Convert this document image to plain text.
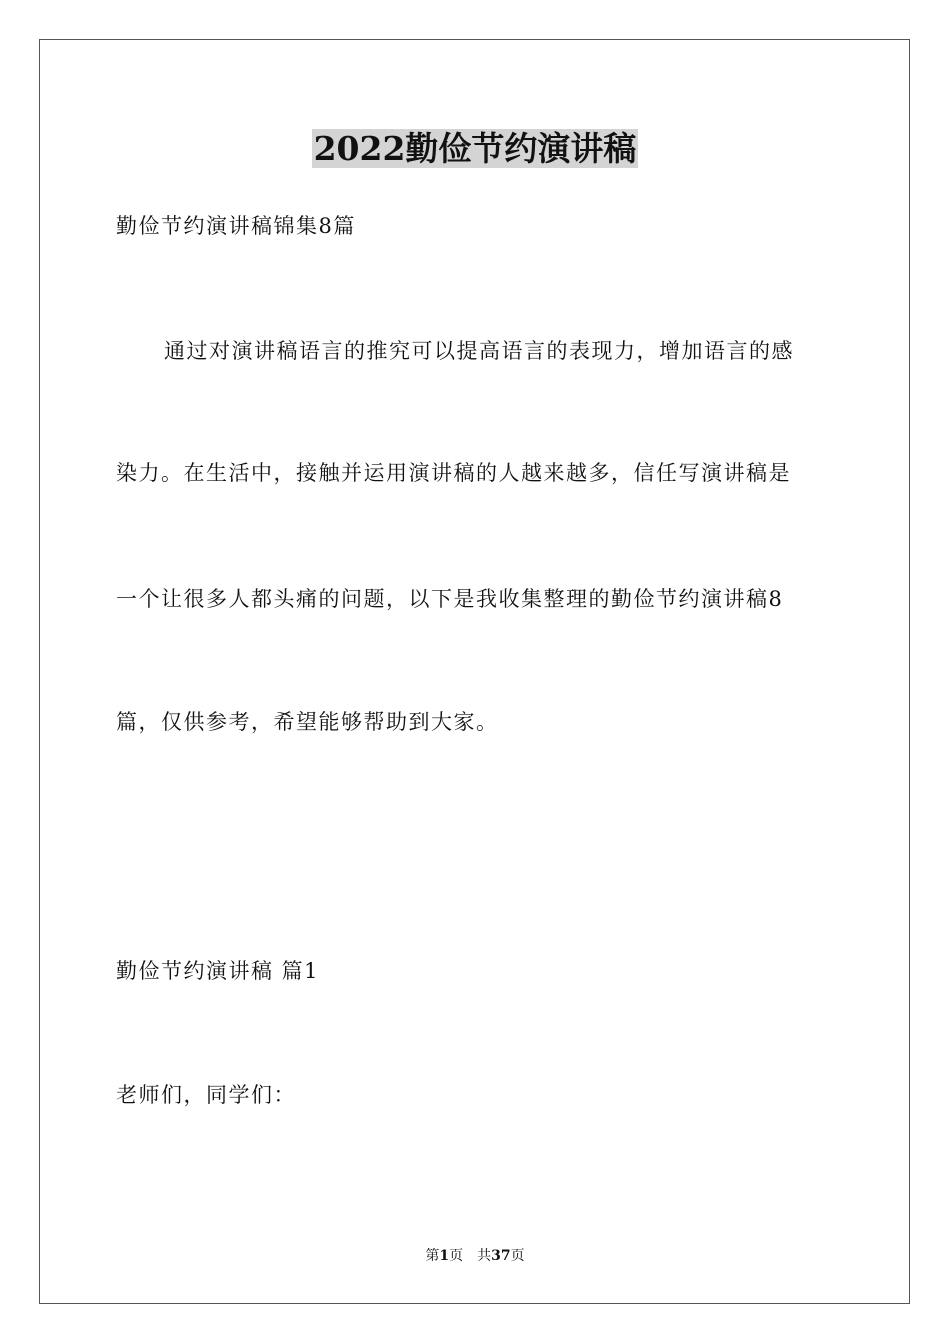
2022勤俭节约演讲稿

勤俭节约演讲稿锦集8篇

通过对演讲稿语言的推究可以提高语言的表现力，增加语言的感

染力。在生活中，接触并运用演讲稿的人越来越多，信任写演讲稿是

一个让很多人都头痛的问题，以下是我收集整理的勤俭节约演讲稿8

篇，仅供参考，希望能够帮助到大家。

勤俭节约演讲稿 篇1

老师们，同学们：

第1页 共37页
